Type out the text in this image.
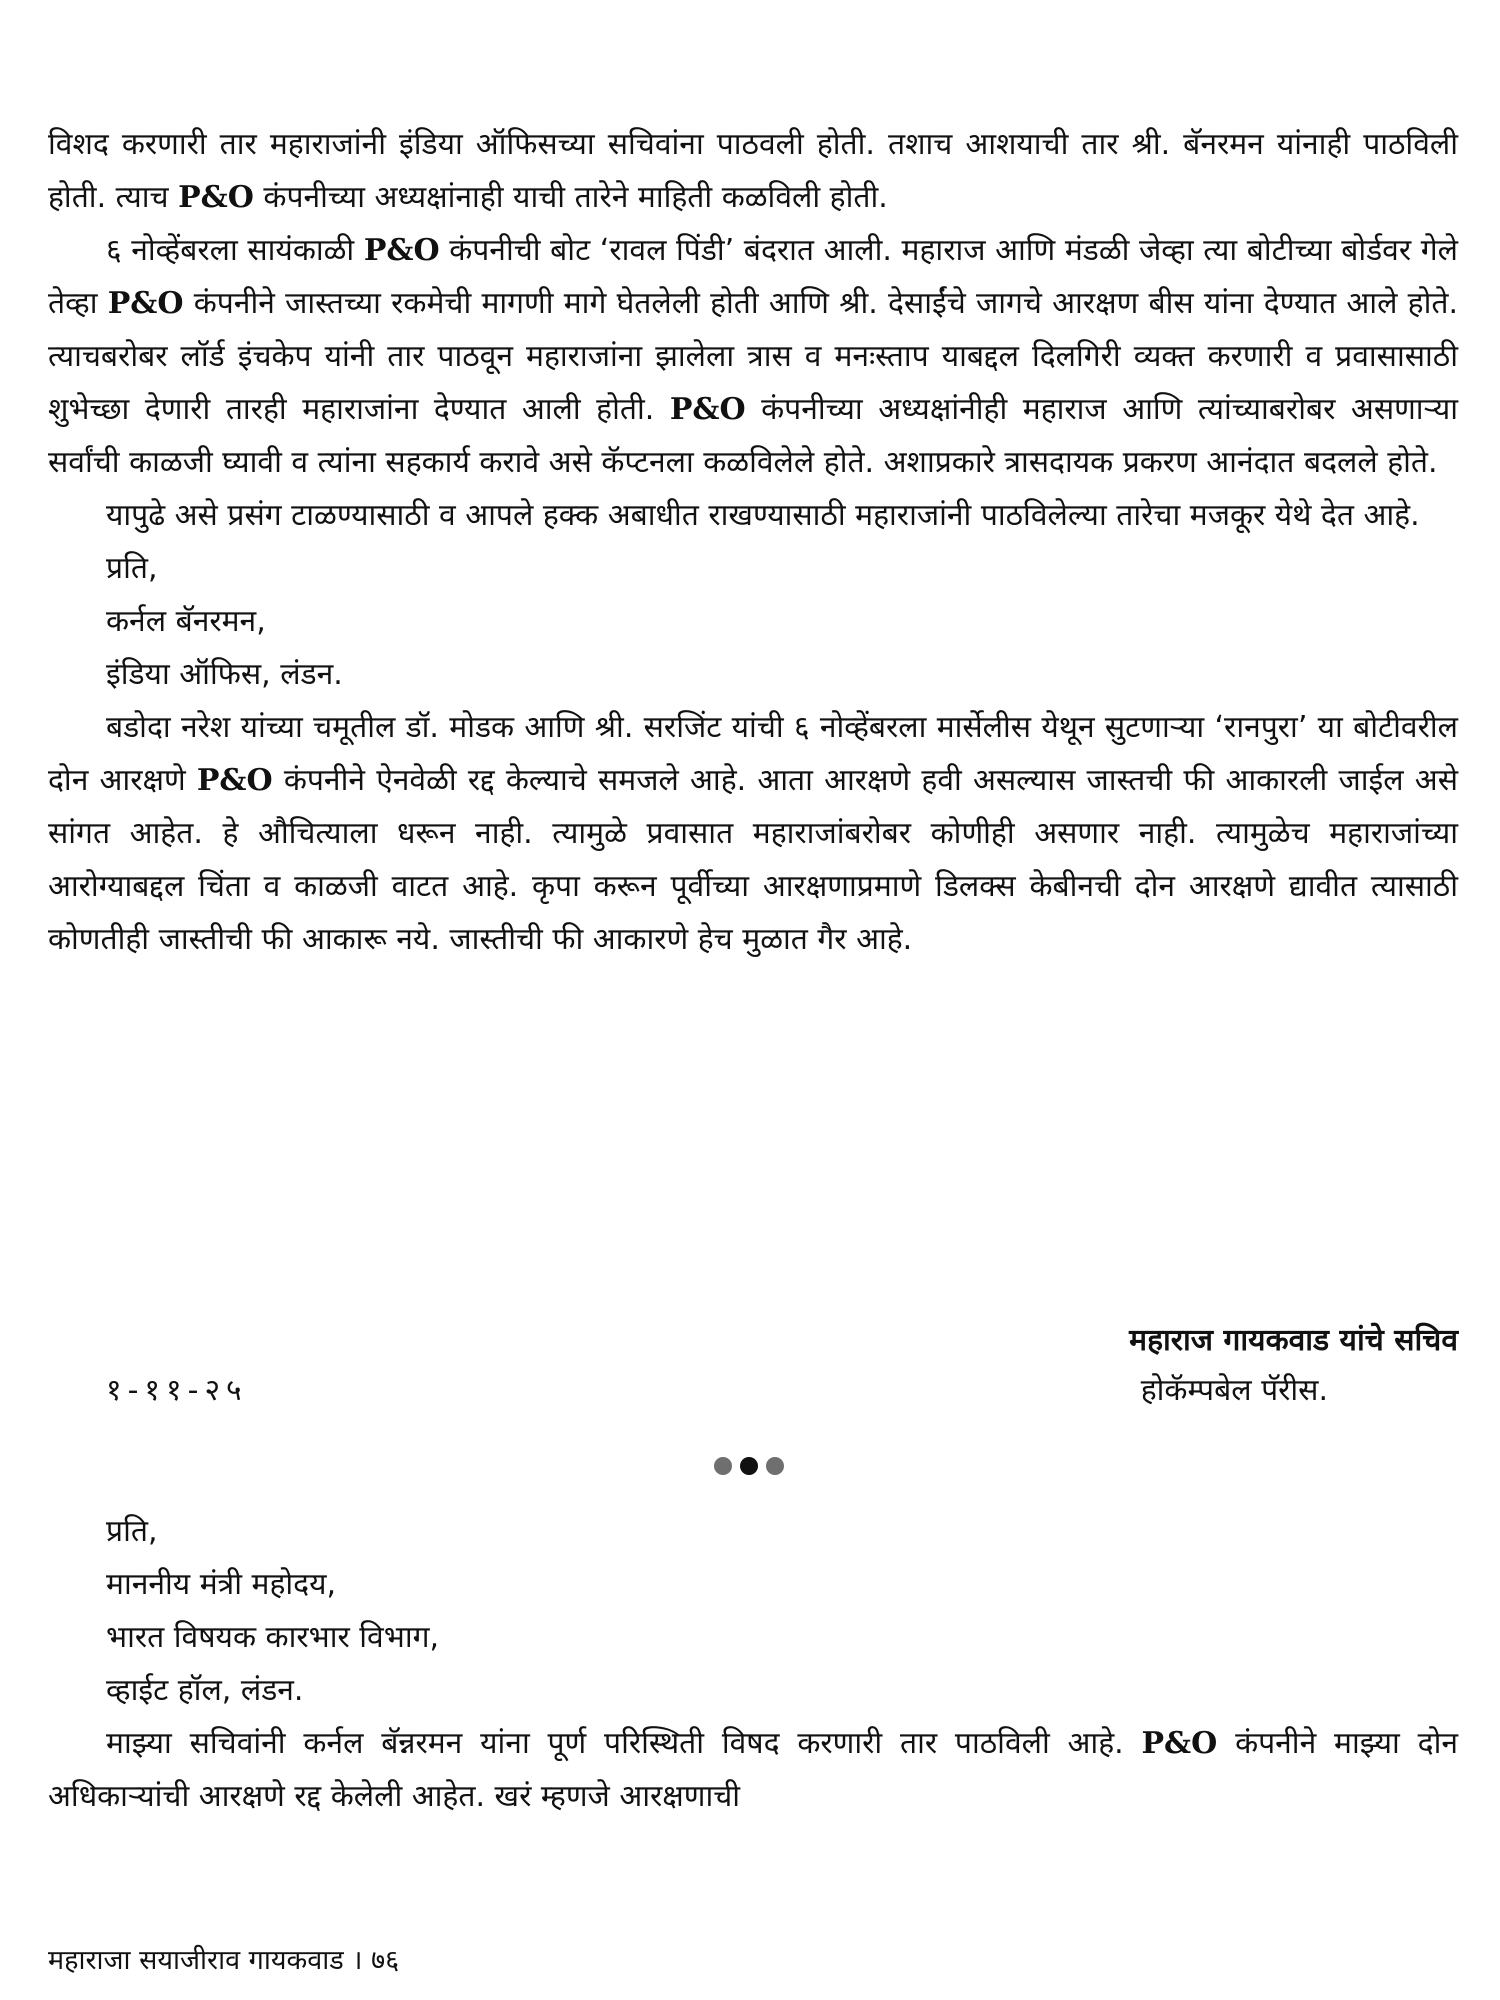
विशद करणारी तार महाराजांनी इंडिया ऑफिसच्या सचिवांना पाठवली होती. तशाच आशयाची तार श्री. बॅनरमन यांनाही पाठविली होती. त्याच P&O कंपनीच्या अध्यक्षांनाही याची तारेने माहिती कळविली होती.

६ नोव्हेंबरला सायंकाळी P&O कंपनीची बोट ‘रावल पिंडी’ बंदरात आली. महाराज आणि मंडळी जेव्हा त्या बोटीच्या बोर्डवर गेले तेव्हा P&O कंपनीने जास्तच्या रकमेची मागणी मागे घेतलेली होती आणि श्री. देसाईंचे जागचे आरक्षण बीस यांना देण्यात आले होते. त्याचबरोबर लॉर्ड इंचकेप यांनी तार पाठवून महाराजांना झालेला त्रास व मनःस्ताप याबद्दल दिलगिरी व्यक्त करणारी व प्रवासासाठी शुभेच्छा देणारी तारही महाराजांना देण्यात आली होती. P&O कंपनीच्या अध्यक्षांनीही महाराज आणि त्यांच्याबरोबर असणाऱ्या सर्वांची काळजी घ्यावी व त्यांना सहकार्य करावे असे कॅप्टनला कळविलेले होते. अशाप्रकारे त्रासदायक प्रकरण आनंदात बदलले होते.

यापुढे असे प्रसंग टाळण्यासाठी व आपले हक्क अबाधीत राखण्यासाठी महाराजांनी पाठविलेल्या तारेचा मजकूर येथे देत आहे.

प्रति,

कर्नल बॅनरमन,

इंडिया ऑफिस, लंडन.

बडोदा नरेश यांच्या चमूतील डॉ. मोडक आणि श्री. सरजिंट यांची ६ नोव्हेंबरला मार्सेलीस येथून सुटणाऱ्या ‘रानपुरा’ या बोटीवरील दोन आरक्षणे P&O कंपनीने ऐनवेळी रद्द केल्याचे समजले आहे. आता आरक्षणे हवी असल्यास जास्तची फी आकारली जाईल असे सांगत आहेत. हे औचित्याला धरून नाही. त्यामुळे प्रवासात महाराजांबरोबर कोणीही असणार नाही. त्यामुळेच महाराजांच्या आरोग्याबद्दल चिंता व काळजी वाटत आहे. कृपा करून पूर्वीच्या आरक्षणाप्रमाणे डिलक्स केबीनची दोन आरक्षणे द्यावीत त्यासाठी कोणतीही जास्तीची फी आकारू नये. जास्तीची फी आकारणे हेच मुळात गैर आहे.

महाराज गायकवाड यांचे सचिव
१-११-२५	होकॅम्पबेल पॅरीस.

प्रति,

माननीय मंत्री महोदय,

भारत विषयक कारभार विभाग,

व्हाईट हॉल, लंडन.

माझ्या सचिवांनी कर्नल बॅन्नरमन यांना पूर्ण परिस्थिती विषद करणारी तार पाठविली आहे. P&O कंपनीने माझ्या दोन अधिकाऱ्यांची आरक्षणे रद्द केलेली आहेत. खरं म्हणजे आरक्षणाची

महाराजा सयाजीराव गायकवाड । ७६
